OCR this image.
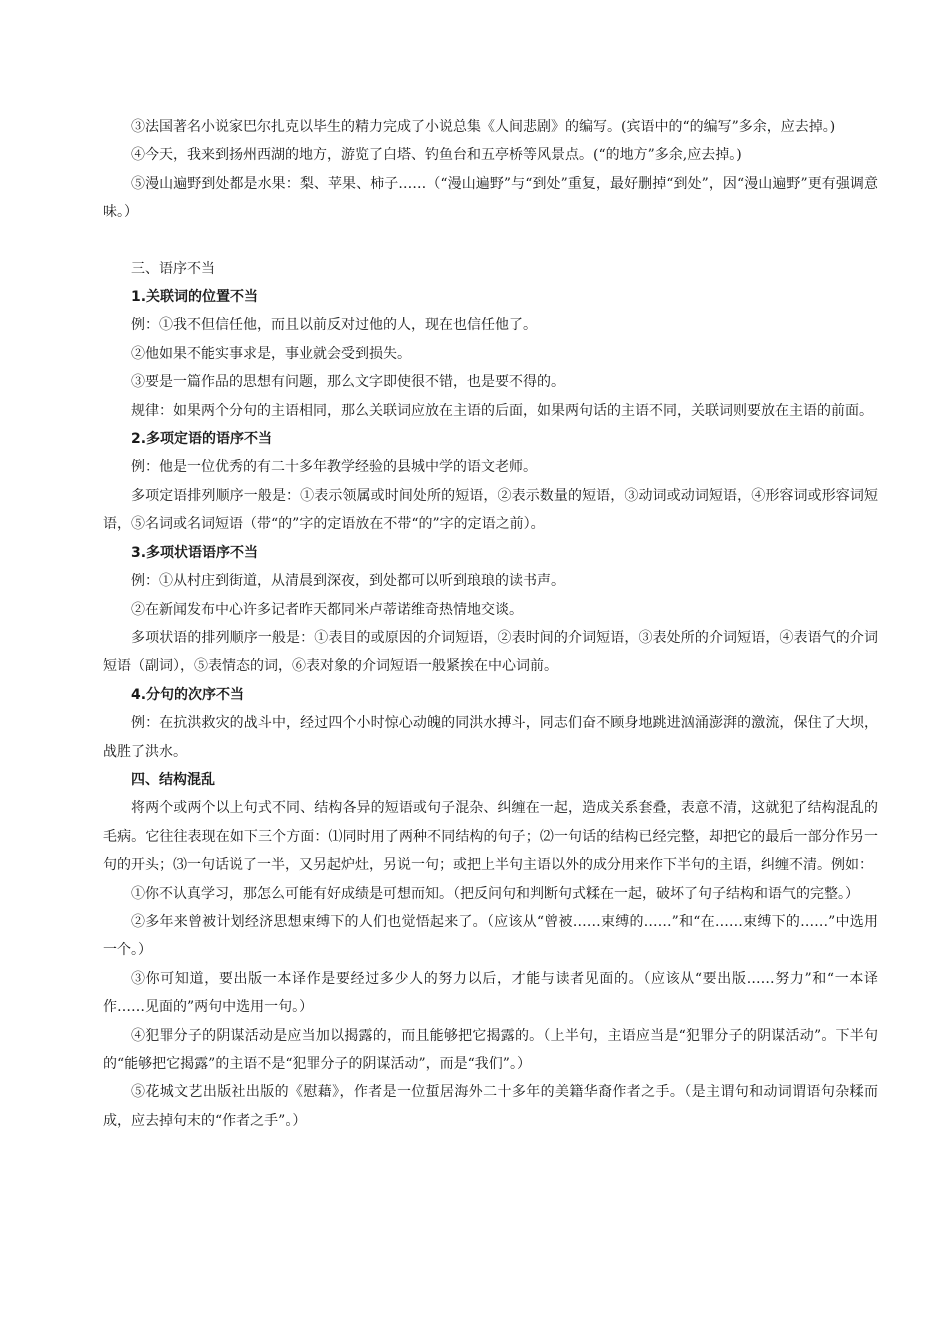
③法国著名小说家巴尔扎克以毕生的精力完成了小说总集《人间悲剧》的编写。(宾语中的“的编写”多余，应去掉。)

④今天，我来到扬州西湖的地方，游览了白塔、钓鱼台和五亭桥等风景点。(“的地方”多余,应去掉。)

⑤漫山遍野到处都是水果：梨、苹果、柿子……（“漫山遍野”与“到处”重复，最好删掉“到处”，因“漫山遍野”更有强调意味。）

三、语序不当

1.关联词的位置不当

例：①我不但信任他，而且以前反对过他的人，现在也信任他了。

②他如果不能实事求是，事业就会受到损失。

③要是一篇作品的思想有问题，那么文字即使很不错，也是要不得的。

规律：如果两个分句的主语相同，那么关联词应放在主语的后面，如果两句话的主语不同，关联词则要放在主语的前面。

2.多项定语的语序不当

例：他是一位优秀的有二十多年教学经验的县城中学的语文老师。

多项定语排列顺序一般是：①表示领属或时间处所的短语，②表示数量的短语，③动词或动词短语，④形容词或形容词短语，⑤名词或名词短语（带“的”字的定语放在不带“的”字的定语之前）。

3.多项状语语序不当

例：①从村庄到街道，从清晨到深夜，到处都可以听到琅琅的读书声。

②在新闻发布中心许多记者昨天都同米卢蒂诺维奇热情地交谈。

多项状语的排列顺序一般是：①表目的或原因的介词短语，②表时间的介词短语，③表处所的介词短语，④表语气的介词短语（副词），⑤表情态的词，⑥表对象的介词短语一般紧挨在中心词前。

4.分句的次序不当

例：在抗洪救灾的战斗中，经过四个小时惊心动魄的同洪水搏斗，同志们奋不顾身地跳进汹涌澎湃的激流，保住了大坝，战胜了洪水。

四、结构混乱

将两个或两个以上句式不同、结构各异的短语或句子混杂、纠缠在一起，造成关系套叠，表意不清，这就犯了结构混乱的毛病。它往往表现在如下三个方面：⑴同时用了两种不同结构的句子；⑵一句话的结构已经完整，却把它的最后一部分作另一句的开头；⑶一句话说了一半，又另起炉灶，另说一句；或把上半句主语以外的成分用来作下半句的主语，纠缠不清。例如：

①你不认真学习，那怎么可能有好成绩是可想而知。（把反问句和判断句式糅在一起，破坏了句子结构和语气的完整。）

②多年来曾被计划经济思想束缚下的人们也觉悟起来了。（应该从“曾被……束缚的……”和“在……束缚下的……”中选用一个。）

③你可知道，要出版一本译作是要经过多少人的努力以后，才能与读者见面的。（应该从“要出版……努力”和“一本译作……见面的”两句中选用一句。）

④犯罪分子的阴谋活动是应当加以揭露的，而且能够把它揭露的。（上半句，主语应当是“犯罪分子的阴谋活动”。下半句的“能够把它揭露”的主语不是“犯罪分子的阴谋活动”，而是“我们”。）

⑤花城文艺出版社出版的《慰藉》，作者是一位蜇居海外二十多年的美籍华裔作者之手。（是主谓句和动词谓语句杂糅而成，应去掉句末的“作者之手”。）
